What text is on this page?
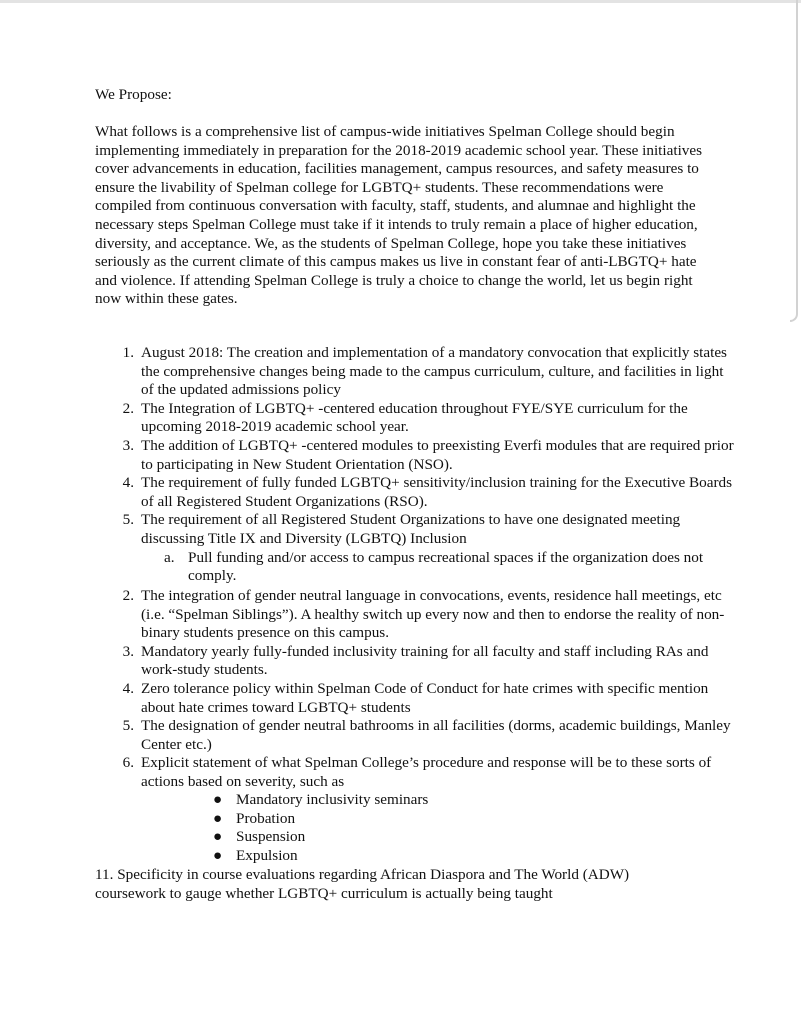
We Propose:

What follows is a comprehensive list of campus-wide initiatives Spelman College should begin implementing immediately in preparation for the 2018-2019 academic school year. These initiatives cover advancements in education, facilities management, campus resources, and safety measures to ensure the livability of Spelman college for LGBTQ+ students. These recommendations were compiled from continuous conversation with faculty, staff, students, and alumnae and highlight the necessary steps Spelman College must take if it intends to truly remain a place of higher education, diversity, and acceptance. We, as the students of Spelman College, hope you take these initiatives seriously as the current climate of this campus makes us live in constant fear of anti-LBGTQ+ hate and violence. If attending Spelman College is truly a choice to change the world, let us begin right now within these gates.

1. August 2018: The creation and implementation of a mandatory convocation that explicitly states the comprehensive changes being made to the campus curriculum, culture, and facilities in light of the updated admissions policy
2. The Integration of LGBTQ+ -centered education throughout FYE/SYE curriculum for the upcoming 2018-2019 academic school year.
3. The addition of LGBTQ+ -centered modules to preexisting Everfi modules that are required prior to participating in New Student Orientation (NSO).
4. The requirement of fully funded LGBTQ+ sensitivity/inclusion training for the Executive Boards of all Registered Student Organizations (RSO).
5. The requirement of all Registered Student Organizations to have one designated meeting discussing Title IX and Diversity (LGBTQ) Inclusion
a. Pull funding and/or access to campus recreational spaces if the organization does not comply.
2. The integration of gender neutral language in convocations, events, residence hall meetings, etc (i.e. “Spelman Siblings”). A healthy switch up every now and then to endorse the reality of non-binary students presence on this campus.
3. Mandatory yearly fully-funded inclusivity training for all faculty and staff including RAs and work-study students.
4. Zero tolerance policy within Spelman Code of Conduct for hate crimes with specific mention about hate crimes toward LGBTQ+ students
5. The designation of gender neutral bathrooms in all facilities (dorms, academic buildings, Manley Center etc.)
6. Explicit statement of what Spelman College’s procedure and response will be to these sorts of actions based on severity, such as
● Mandatory inclusivity seminars
● Probation
● Suspension
● Expulsion

11. Specificity in course evaluations regarding African Diaspora and The World (ADW) coursework to gauge whether LGBTQ+ curriculum is actually being taught
